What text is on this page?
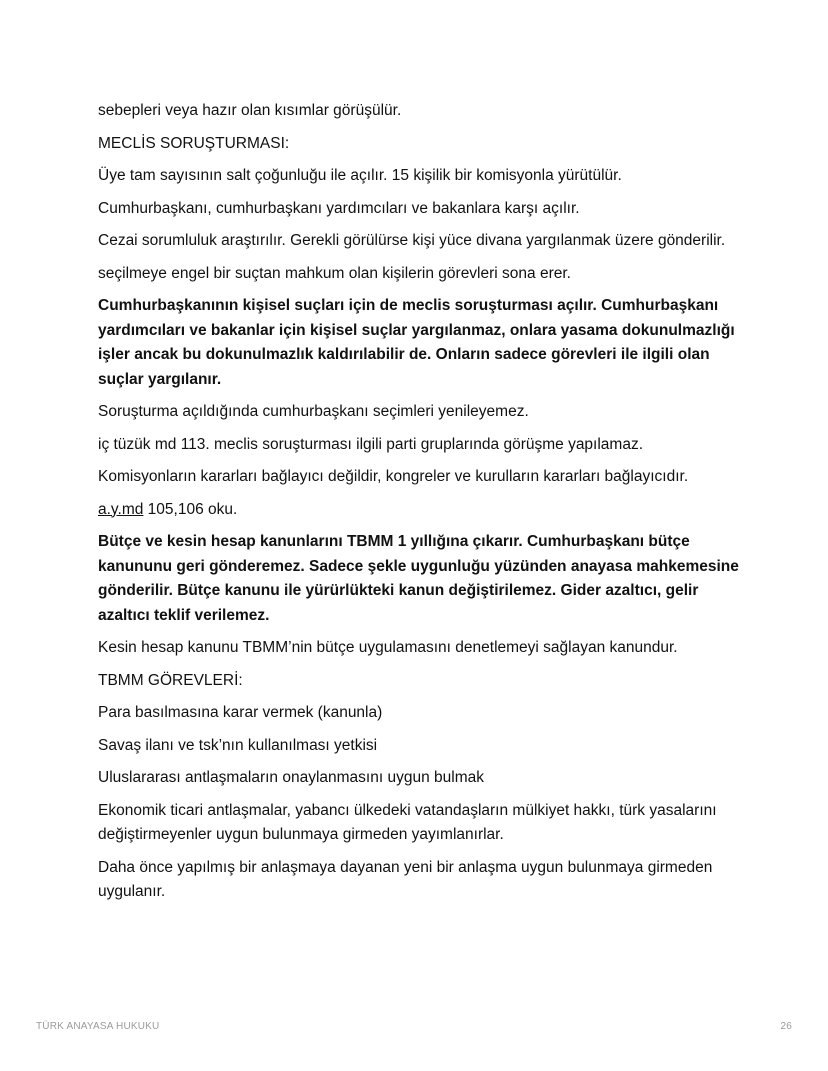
sebepleri veya hazır olan kısımlar görüşülür.

MECLİS SORUŞTURMASI:

Üye tam sayısının salt çoğunluğu ile açılır. 15 kişilik bir komisyonla yürütülür.

Cumhurbaşkanı, cumhurbaşkanı yardımcıları ve bakanlara karşı açılır.

Cezai sorumluluk araştırılır. Gerekli görülürse kişi yüce divana yargılanmak üzere gönderilir.

seçilmeye engel bir suçtan mahkum olan kişilerin görevleri sona erer.

Cumhurbaşkanının kişisel suçları için de meclis soruşturması açılır. Cumhurbaşkanı yardımcıları ve bakanlar için kişisel suçlar yargılanmaz, onlara yasama dokunulmazlığı işler ancak bu dokunulmazlık kaldırılabilir de. Onların sadece görevleri ile ilgili olan suçlar yargılanır.

Soruşturma açıldığında cumhurbaşkanı seçimleri yenileyemez.

iç tüzük md 113. meclis soruşturması ilgili parti gruplarında görüşme yapılamaz.

Komisyonların kararları bağlayıcı değildir, kongreler ve kurulların kararları bağlayıcıdır.

a.y.md 105,106 oku.

Bütçe ve kesin hesap kanunlarını TBMM 1 yıllığına çıkarır. Cumhurbaşkanı bütçe kanununu geri gönderemez. Sadece şekle uygunluğu yüzünden anayasa mahkemesine gönderilir. Bütçe kanunu ile yürürlükteki kanun değiştirilemez. Gider azaltıcı, gelir azaltıcı teklif verilemez.

Kesin hesap kanunu TBMM’nin bütçe uygulamasını denetlemeyi sağlayan kanundur.

TBMM GÖREVLERİ:

Para basılmasına karar vermek (kanunla)

Savaş ilanı ve tsk’nın kullanılması yetkisi

Uluslararası antlaşmaların onaylanmasını uygun bulmak

Ekonomik ticari antlaşmalar, yabancı ülkedeki vatandaşların mülkiyet hakkı, türk yasalarını değiştirmeyenler uygun bulunmaya girmeden yayımlanırlar.

Daha önce yapılmış bir anlaşmaya dayanan yeni bir anlaşma uygun bulunmaya girmeden uygulanır.

TÜRK ANAYASA HUKUKU	26
